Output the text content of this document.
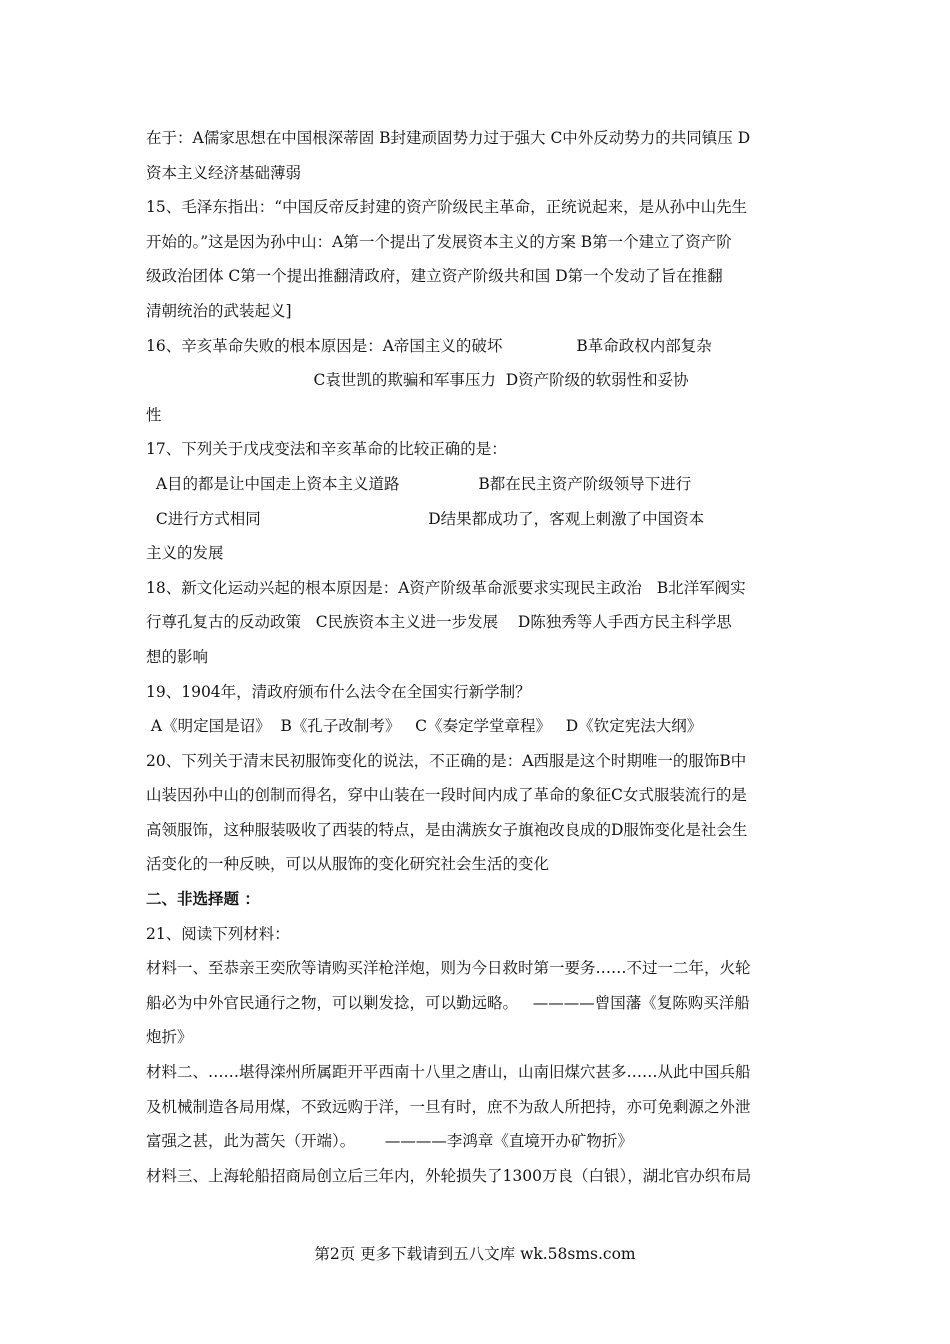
在于：A儒家思想在中国根深蒂固 B封建顽固势力过于强大 C中外反动势力的共同镇压 D
资本主义经济基础薄弱
15、毛泽东指出：“中国反帝反封建的资产阶级民主革命，正统说起来，是从孙中山先生
开始的。”这是因为孙中山：A第一个提出了发展资本主义的方案 B第一个建立了资产阶
级政治团体 C第一个提出推翻清政府，建立资产阶级共和国 D第一个发动了旨在推翻
清朝统治的武装起义]
16、辛亥革命失败的根本原因是：A帝国主义的破坏               B革命政权内部复杂
C袁世凯的欺骗和军事压力  D资产阶级的软弱性和妥协
性
17、下列关于戊戌变法和辛亥革命的比较正确的是：
A目的都是让中国走上资本主义道路                B都在民主资产阶级领导下进行
C进行方式相同                                  D结果都成功了，客观上刺激了中国资本
主义的发展
18、新文化运动兴起的根本原因是：A资产阶级革命派要求实现民主政治   B北洋军阀实
行尊孔复古的反动政策   C民族资本主义进一步发展    D陈独秀等人手西方民主科学思
想的影响
19、1904年，清政府颁布什么法令在全国实行新学制？
A《明定国是诏》  B《孔子改制考》   C《奏定学堂章程》   D《钦定宪法大纲》
20、下列关于清末民初服饰变化的说法，不正确的是：A西服是这个时期唯一的服饰B中
山装因孙中山的创制而得名，穿中山装在一段时间内成了革命的象征C女式服装流行的是
高领服饰，这种服装吸收了西装的特点，是由满族女子旗袍改良成的D服饰变化是社会生
活变化的一种反映，可以从服饰的变化研究社会生活的变化
二、非选择题 ：
21、阅读下列材料：
材料一、至恭亲王奕欣等请购买洋枪洋炮，则为今日救时第一要务……不过一二年，火轮
船必为中外官民通行之物，可以剿发捻，可以勤远略。   ————曾国藩《复陈购买洋船
炮折》
材料二、……堪得滦州所属距开平西南十八里之唐山，山南旧煤穴甚多……从此中国兵船
及机械制造各局用煤，不致远购于洋，一旦有时，庶不为敌人所把持，亦可免剩源之外泄
富强之甚，此为蒿矢（开端）。      ————李鸿章《直境开办矿物折》
材料三、上海轮船招商局创立后三年内，外轮损失了1300万良（白银），湖北官办织布局
第2页 更多下载请到五八文库 wk.58sms.com
